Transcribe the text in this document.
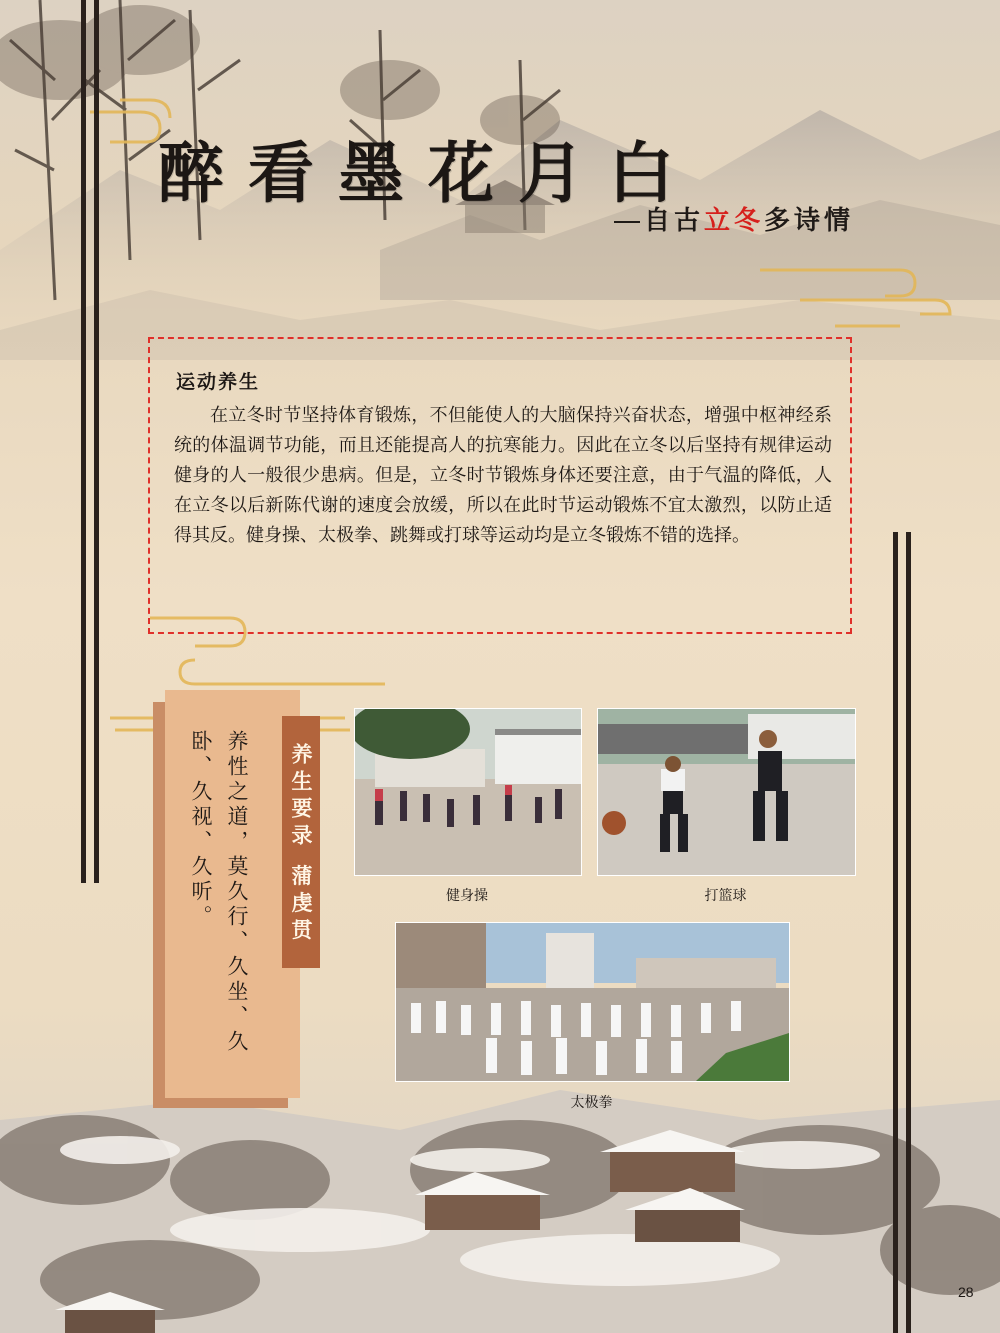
醉看墨花月白
自古立冬多诗情
运动养生
在立冬时节坚持体育锻炼，不但能使人的大脑保持兴奋状态，增强中枢神经系统的体温调节功能，而且还能提高人的抗寒能力。因此在立冬以后坚持有规律运动健身的人一般很少患病。但是，立冬时节锻炼身体还要注意，由于气温的降低，人在立冬以后新陈代谢的速度会放缓，所以在此时节运动锻炼不宜太激烈，以防止适得其反。健身操、太极拳、跳舞或打球等运动均是立冬锻炼不错的选择。
养性之道，莫久行、久坐、久卧、久视、久听。	养生要录 蒲虔贯	健身操	打篮球
太极拳
28
